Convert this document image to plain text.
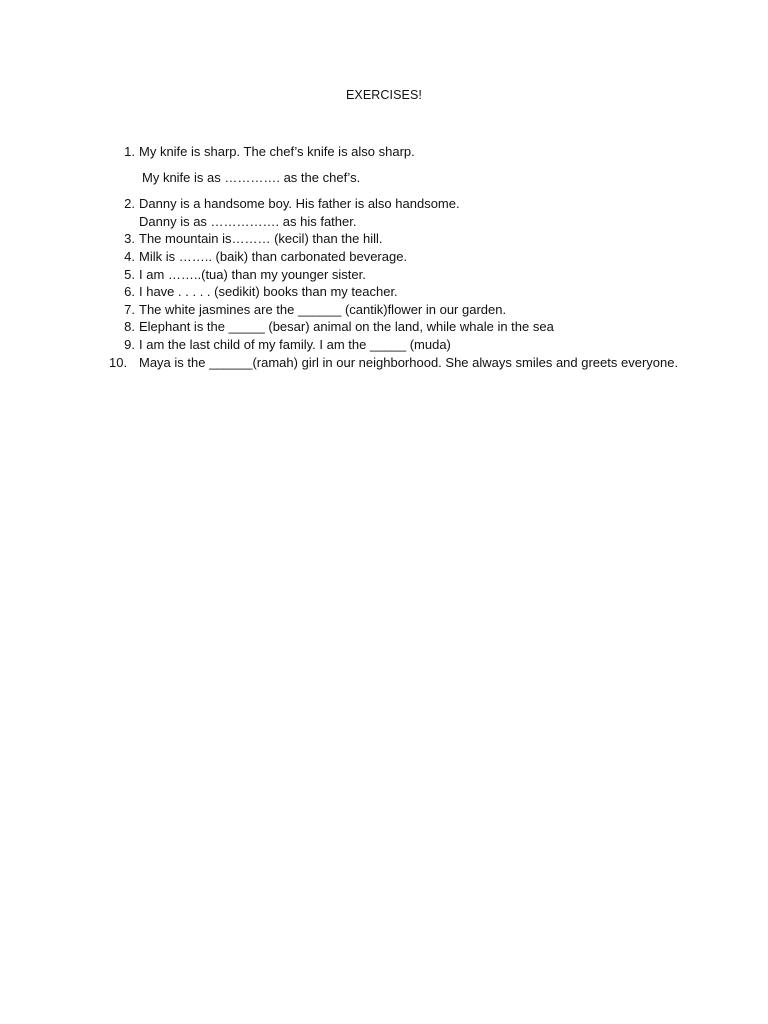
EXERCISES!
1. My knife is sharp. The chef’s knife is also sharp.
My knife is as …………. as the chef’s.
2. Danny is a handsome boy. His father is also handsome.
Danny is as ……………. as his father.
3. The mountain is……… (kecil) than the hill.
4. Milk is …….. (baik) than carbonated beverage.
5. I am ……..(tua) than my younger sister.
6. I have . . . . . (sedikit) books than my teacher.
7. The white jasmines are the ______ (cantik)flower in our garden.
8. Elephant is the _____ (besar) animal on the land, while whale in the sea
9. I am the last child of my family. I am the _____ (muda)
10. Maya is the ______(ramah) girl in our neighborhood. She always smiles and greets everyone.
